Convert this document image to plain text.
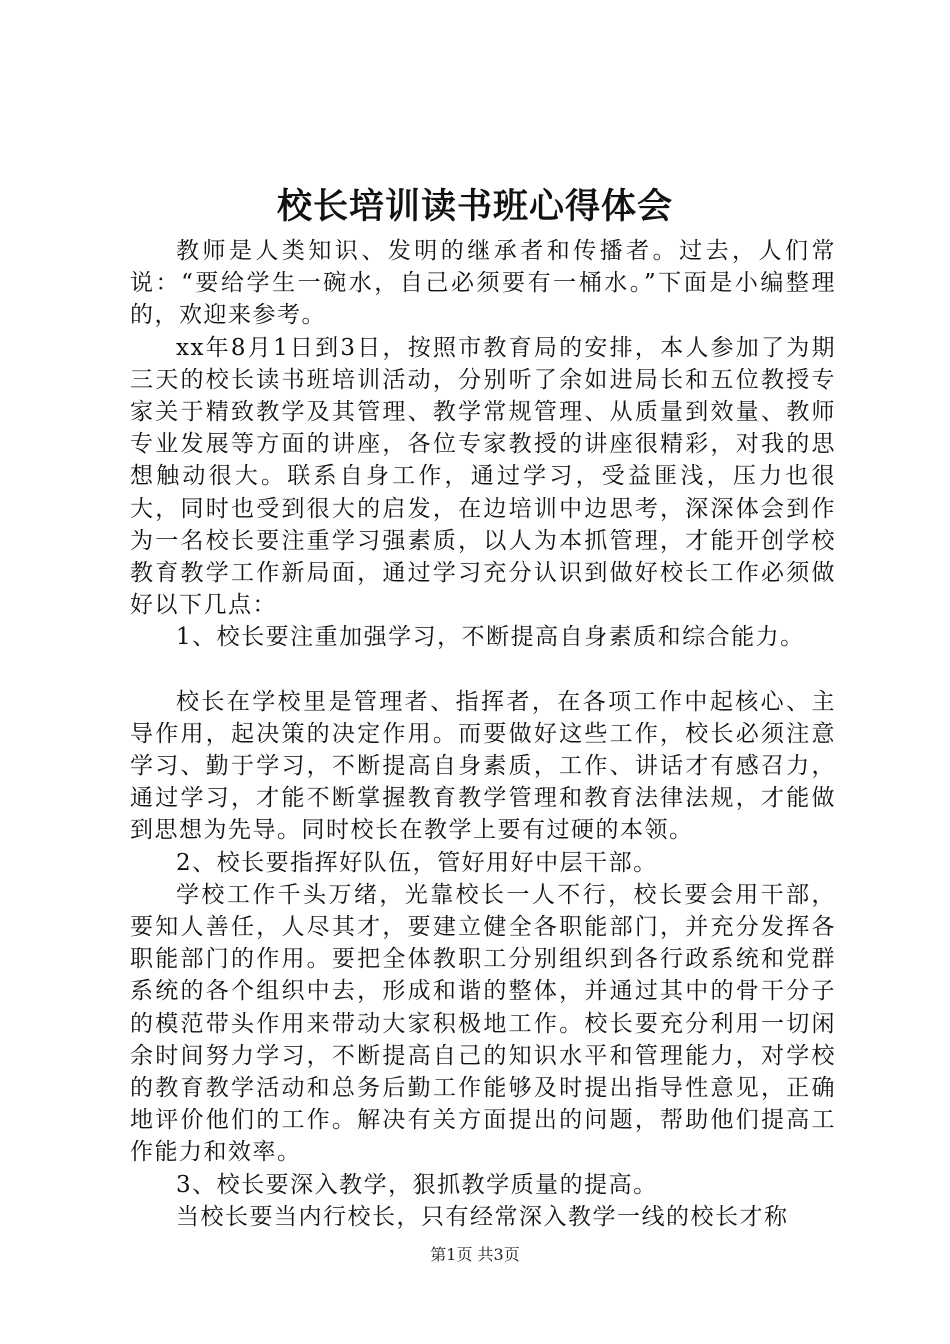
校长培训读书班心得体会

教师是人类知识、发明的继承者和传播者。过去，人们常说：“要给学生一碗水，自己必须要有一桶水。”下面是小编整理的，欢迎来参考。

xx年8月1日到3日，按照市教育局的安排，本人参加了为期三天的校长读书班培训活动，分别听了余如进局长和五位教授专家关于精致教学及其管理、教学常规管理、从质量到效量、教师专业发展等方面的讲座，各位专家教授的讲座很精彩，对我的思想触动很大。联系自身工作，通过学习，受益匪浅，压力也很大，同时也受到很大的启发，在边培训中边思考，深深体会到作为一名校长要注重学习强素质，以人为本抓管理，才能开创学校教育教学工作新局面，通过学习充分认识到做好校长工作必须做好以下几点：

1、校长要注重加强学习，不断提高自身素质和综合能力。

校长在学校里是管理者、指挥者，在各项工作中起核心、主导作用，起决策的决定作用。而要做好这些工作，校长必须注意学习、勤于学习，不断提高自身素质，工作、讲话才有感召力，通过学习，才能不断掌握教育教学管理和教育法律法规，才能做到思想为先导。同时校长在教学上要有过硬的本领。

2、校长要指挥好队伍，管好用好中层干部。

学校工作千头万绪，光靠校长一人不行，校长要会用干部，要知人善任，人尽其才，要建立健全各职能部门，并充分发挥各职能部门的作用。要把全体教职工分别组织到各行政系统和党群系统的各个组织中去，形成和谐的整体，并通过其中的骨干分子的模范带头作用来带动大家积极地工作。校长要充分利用一切闲余时间努力学习，不断提高自己的知识水平和管理能力，对学校的教育教学活动和总务后勤工作能够及时提出指导性意见，正确地评价他们的工作。解决有关方面提出的问题，帮助他们提高工作能力和效率。

3、校长要深入教学，狠抓教学质量的提高。

当校长要当内行校长，只有经常深入教学一线的校长才称

第1页 共3页
